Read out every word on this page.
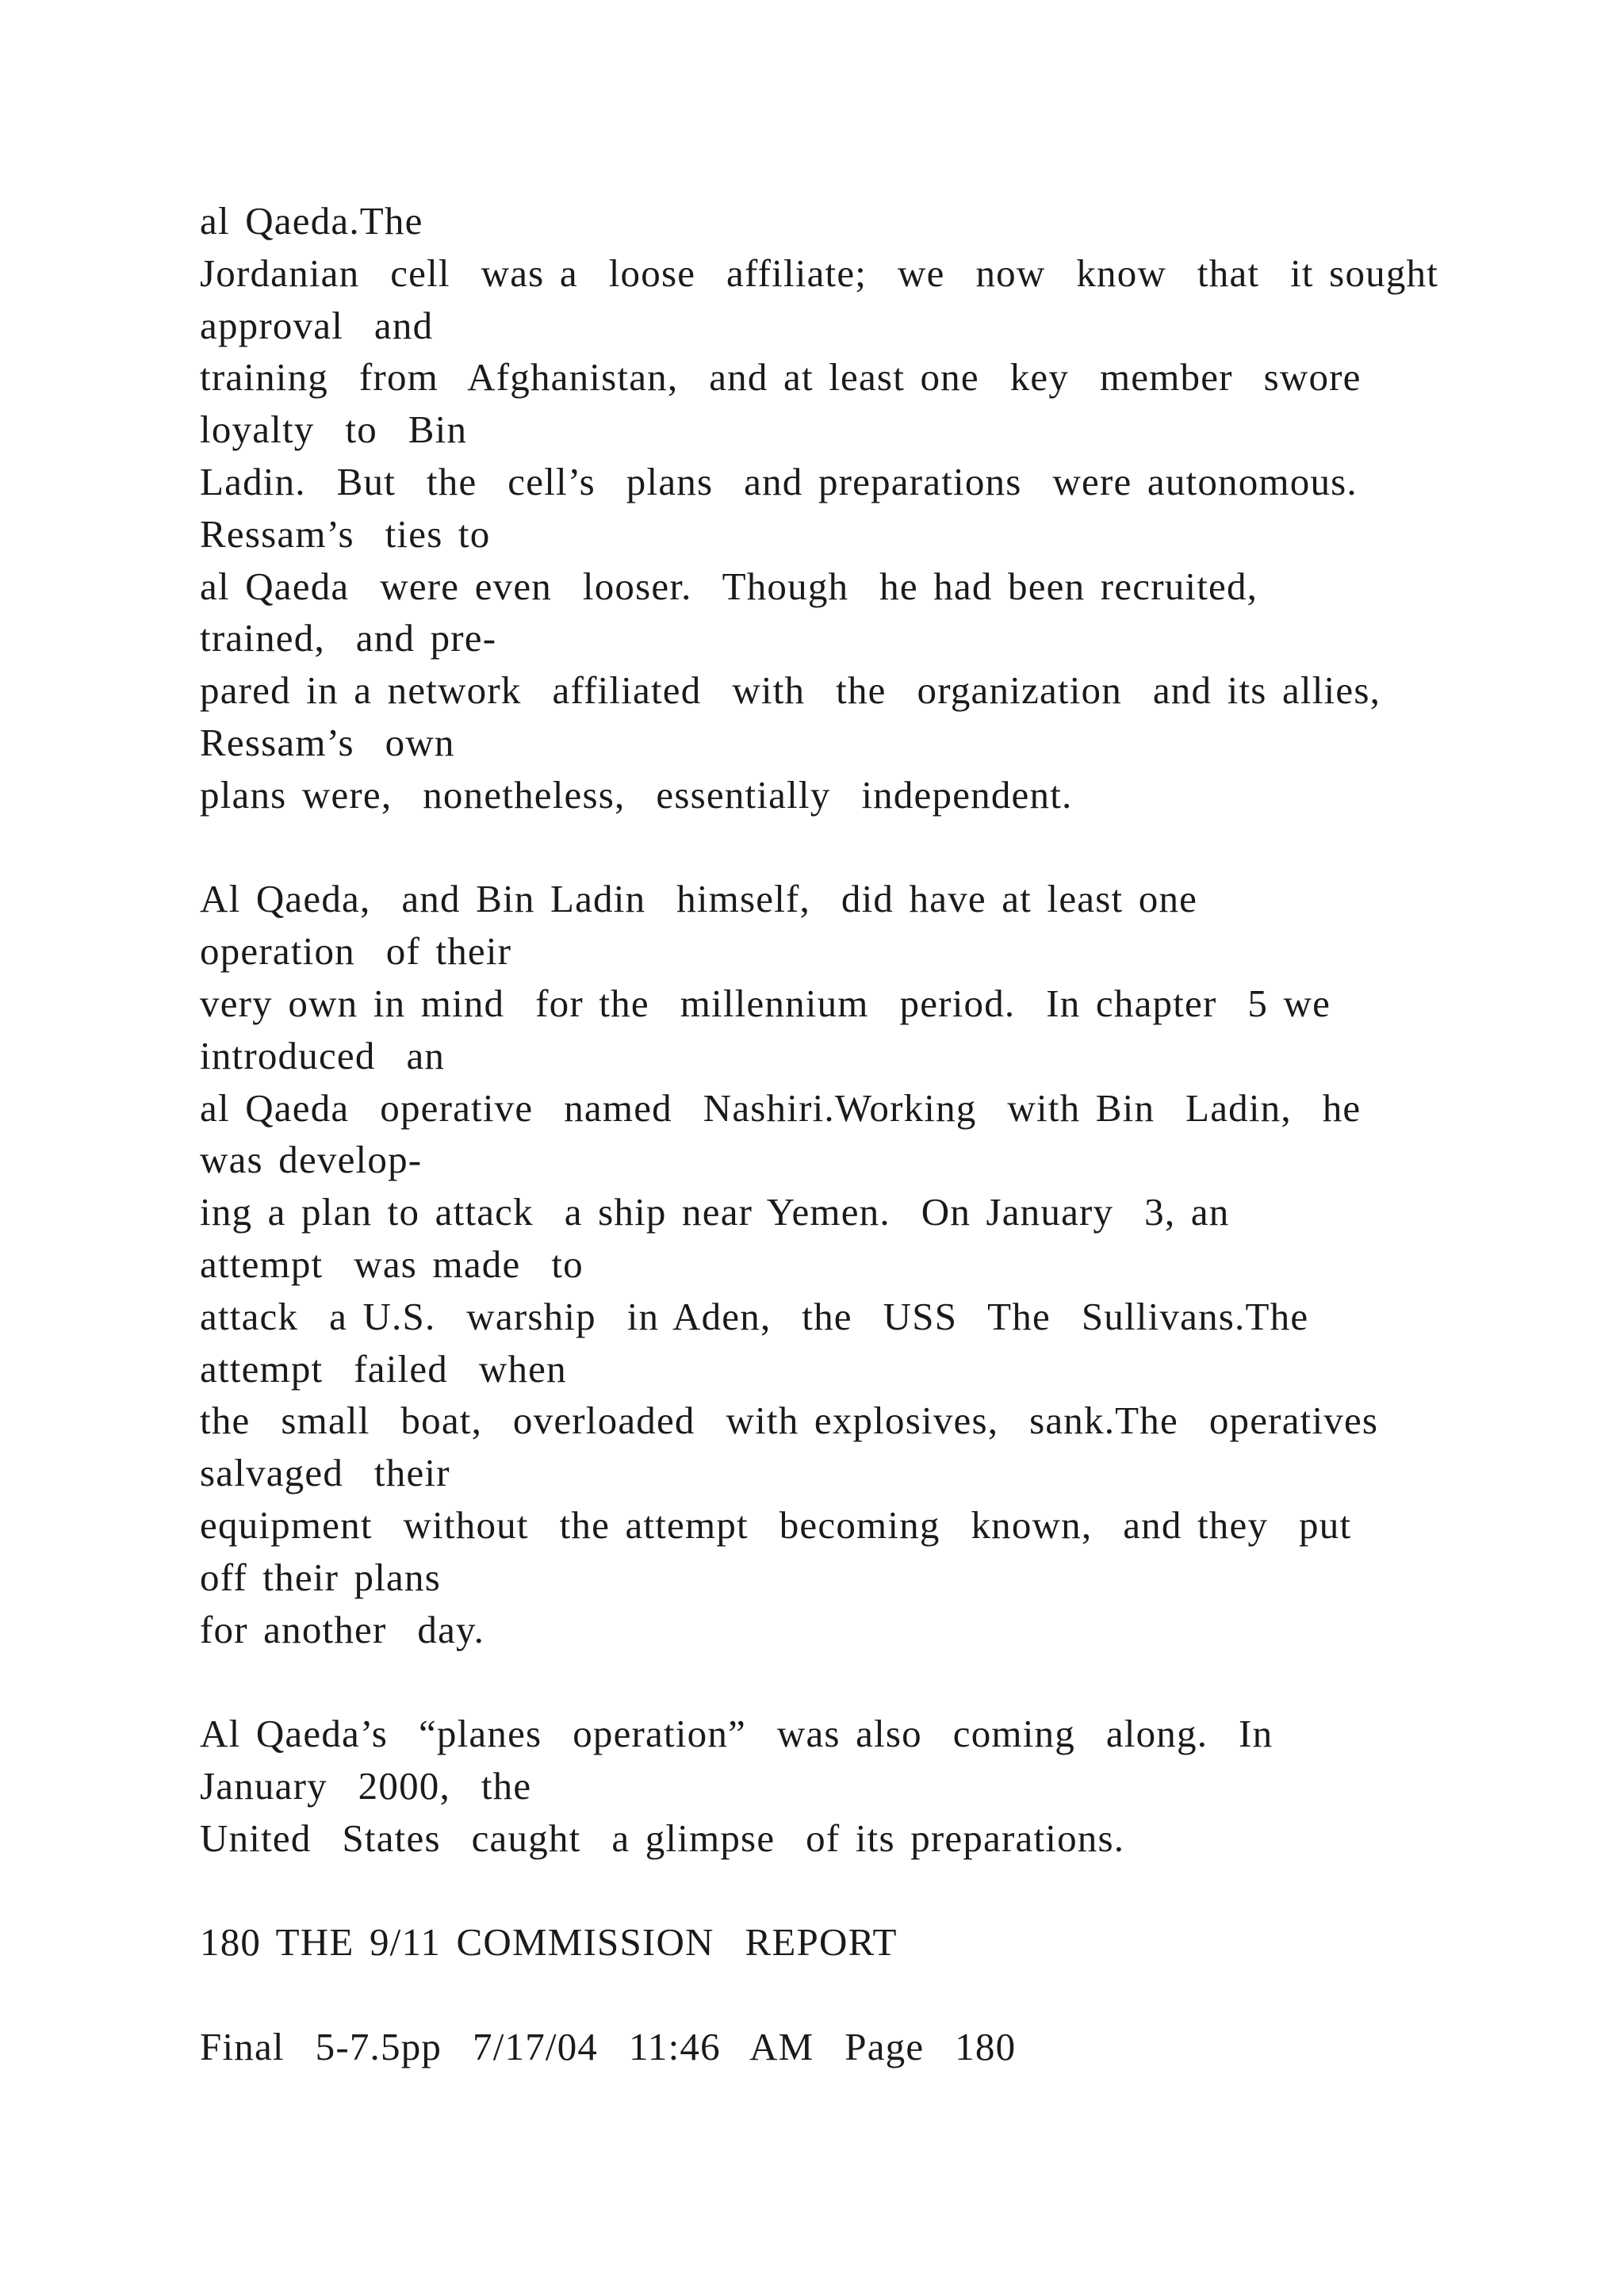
al Qaeda.The
Jordanian  cell  was a  loose  affiliate;  we  now  know  that  it sought
approval  and
training  from  Afghanistan,  and at least one  key  member  swore
loyalty  to  Bin
Ladin.  But  the  cell’s  plans  and preparations  were autonomous.
Ressam’s  ties to
al Qaeda  were even  looser.  Though  he had been recruited,
trained,  and pre-
pared in a network  affiliated  with  the  organization  and its allies,
Ressam’s  own
plans were,  nonetheless,  essentially  independent.
Al Qaeda,  and Bin Ladin  himself,  did have at least one
operation  of their
very own in mind  for the  millennium  period.  In chapter  5 we
introduced  an
al Qaeda  operative  named  Nashiri.Working  with Bin  Ladin,  he
was develop-
ing a plan to attack  a ship near Yemen.  On January  3, an
attempt  was made  to
attack  a U.S.  warship  in Aden,  the  USS  The  Sullivans.The
attempt  failed  when
the  small  boat,  overloaded  with explosives,  sank.The  operatives
salvaged  their
equipment  without  the attempt  becoming  known,  and they  put
off their plans
for another  day.
Al Qaeda’s  “planes  operation”  was also  coming  along.  In
January  2000,  the
United  States  caught  a glimpse  of its preparations.
180 THE 9/11 COMMISSION  REPORT
Final  5-7.5pp  7/17/04  11:46  AM  Page  180
